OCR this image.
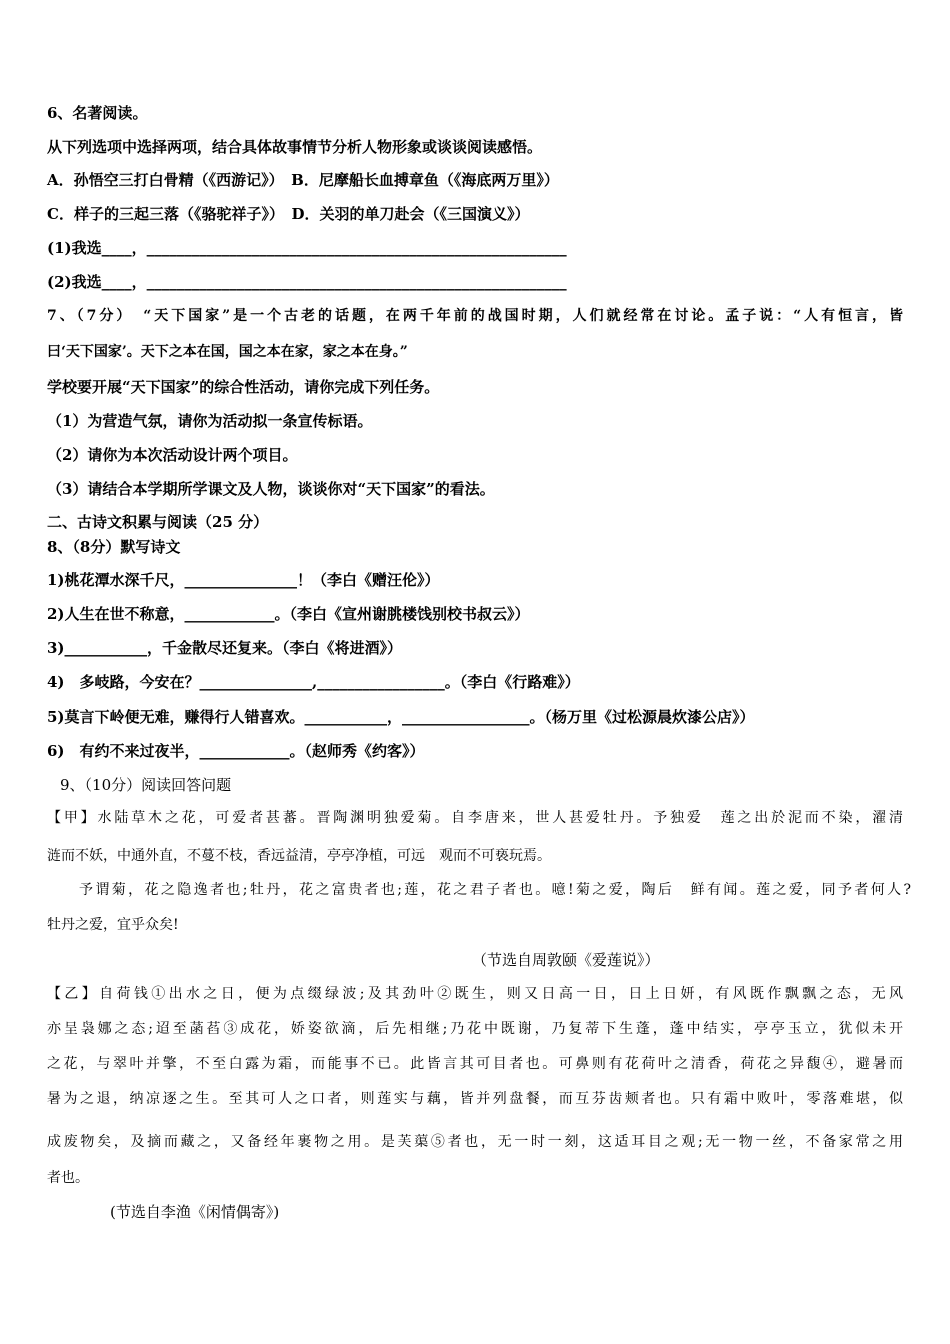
6、名著阅读。
从下列选项中选择两项，结合具体故事情节分析人物形象或谈谈阅读感悟。
A．孙悟空三打白骨精（《西游记》）　B．尼摩船长血搏章鱼（《海底两万里》）
C．样子的三起三落（《骆驼祥子》）　D．关羽的单刀赴会（《三国演义》）
(1)我选____，________________________________________________________
(2)我选____，________________________________________________________
7、（7分）　“天下国家”是一个古老的话题，在两千年前的战国时期，人们就经常在讨论。孟子说：“人有恒言，皆
曰‘天下国家’。天下之本在国，国之本在家，家之本在身。”
学校要开展“天下国家”的综合性活动，请你完成下列任务。
（1）为营造气氛，请你为活动拟一条宣传标语。
（2）请你为本次活动设计两个项目。
（3）请结合本学期所学课文及人物，谈谈你对“天下国家”的看法。
二、古诗文积累与阅读（25 分）
8、（8分）默写诗文
1)桃花潭水深千尺，_______________！（李白《赠汪伦》）
2)人生在世不称意，____________。（李白《宣州谢朓楼饯别校书叔云》）
3)___________，千金散尽还复来。（李白《将进酒》）
4)　多岐路，今安在？_______________,_________________。（李白《行路难》）
5)莫言下岭便无难，赚得行人错喜欢。___________，_________________。（杨万里《过松源晨炊漆公店》）
6)　有约不来过夜半，____________。（赵师秀《约客》）
9、（10分）阅读回答问题
【甲】水陆草木之花，可爱者甚蕃。晋陶渊明独爱菊。自李唐来，世人甚爱牡丹。予独爱　莲之出於泥而不染，濯清
涟而不妖，中通外直，不蔓不枝，香远益清，亭亭净植，可远　观而不可亵玩焉。
予谓菊，花之隐逸者也;牡丹，花之富贵者也;莲，花之君子者也。噫!菊之爱，陶后　鲜有闻。莲之爱，同予者何人?
牡丹之爱，宜乎众矣!
（节选自周敦颐《爱莲说》）
【乙】自荷钱①出水之日，便为点缀绿波;及其劲叶②既生，则又日高一日，日上日妍，有风既作飘飘之态，无风
亦呈袅娜之态;迢至菡萏③成花，娇姿欲滴，后先相继;乃花中既谢，乃复蒂下生蓬，蓬中结实，亭亭玉立，犹似未开
之花，与翠叶并擎，不至白露为霜，而能事不已。此皆言其可目者也。可鼻则有花荷叶之清香，荷花之异馥④，避暑而
暑为之退，纳凉逐之生。至其可人之口者，则莲实与藕，皆并列盘餐，而互芬齿颊者也。只有霜中败叶，零落难堪，似
成废物矣，及摘而藏之，又备经年裹物之用。是芙蕖⑤者也，无一时一刻，这适耳目之观;无一物一丝，不备家常之用
者也。
(节选自李渔《闲情偶寄》)
